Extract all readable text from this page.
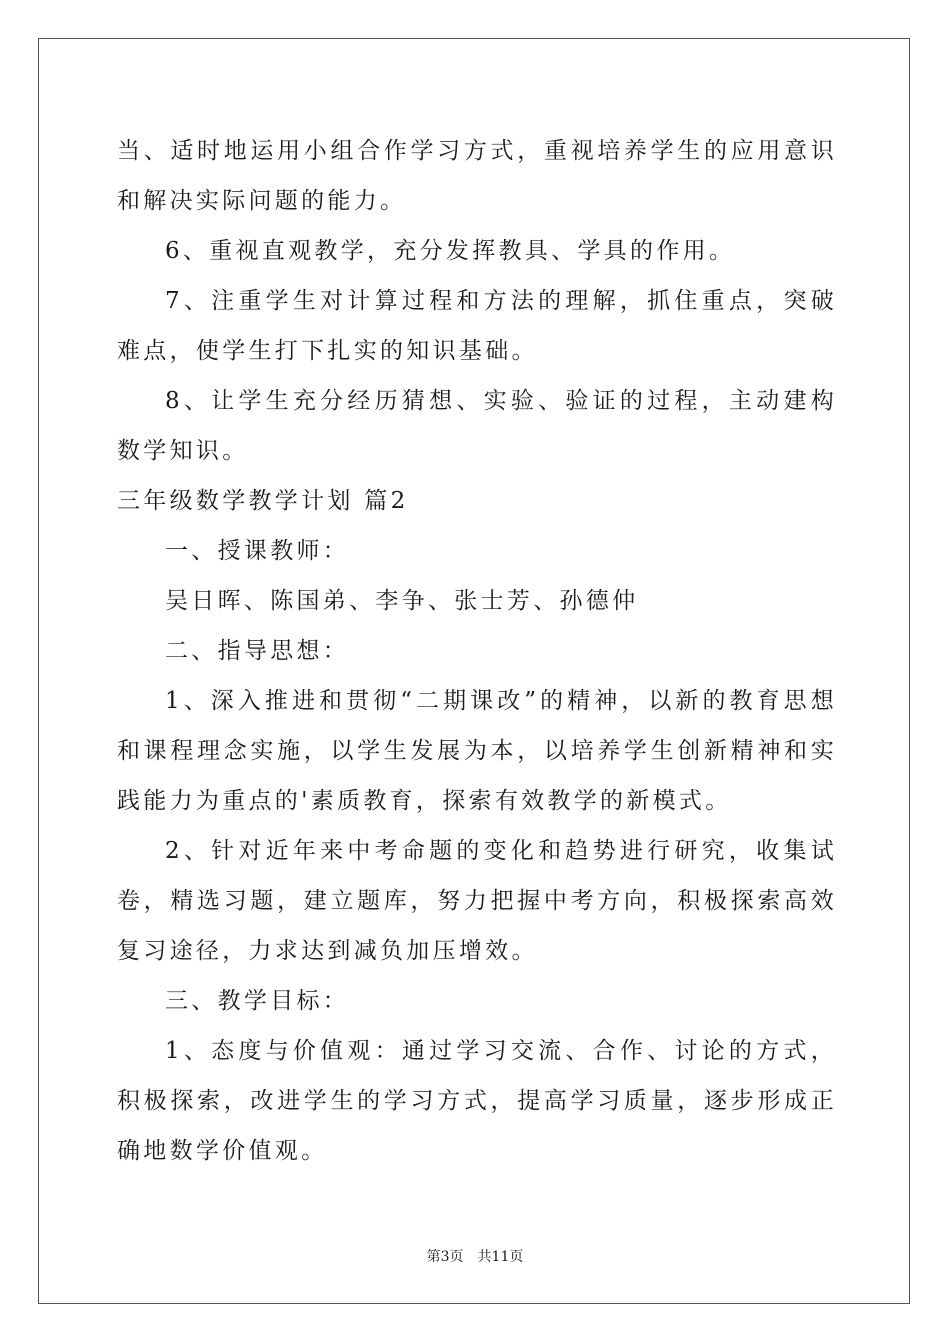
当、适时地运用小组合作学习方式，重视培养学生的应用意识和解决实际问题的能力。

6、重视直观教学，充分发挥教具、学具的作用。

7、注重学生对计算过程和方法的理解，抓住重点，突破难点，使学生打下扎实的知识基础。

8、让学生充分经历猜想、实验、验证的过程，主动建构数学知识。

三年级数学教学计划 篇2

一、授课教师：

吴日晖、陈国弟、李争、张士芳、孙德仲

二、指导思想：

1、深入推进和贯彻“二期课改”的精神，以新的教育思想和课程理念实施，以学生发展为本，以培养学生创新精神和实践能力为重点的'素质教育，探索有效教学的新模式。

2、针对近年来中考命题的变化和趋势进行研究，收集试卷，精选习题，建立题库，努力把握中考方向，积极探索高效复习途径，力求达到减负加压增效。

三、教学目标：

1、态度与价值观：通过学习交流、合作、讨论的方式，积极探索，改进学生的学习方式，提高学习质量，逐步形成正确地数学价值观。

第3页 共11页
